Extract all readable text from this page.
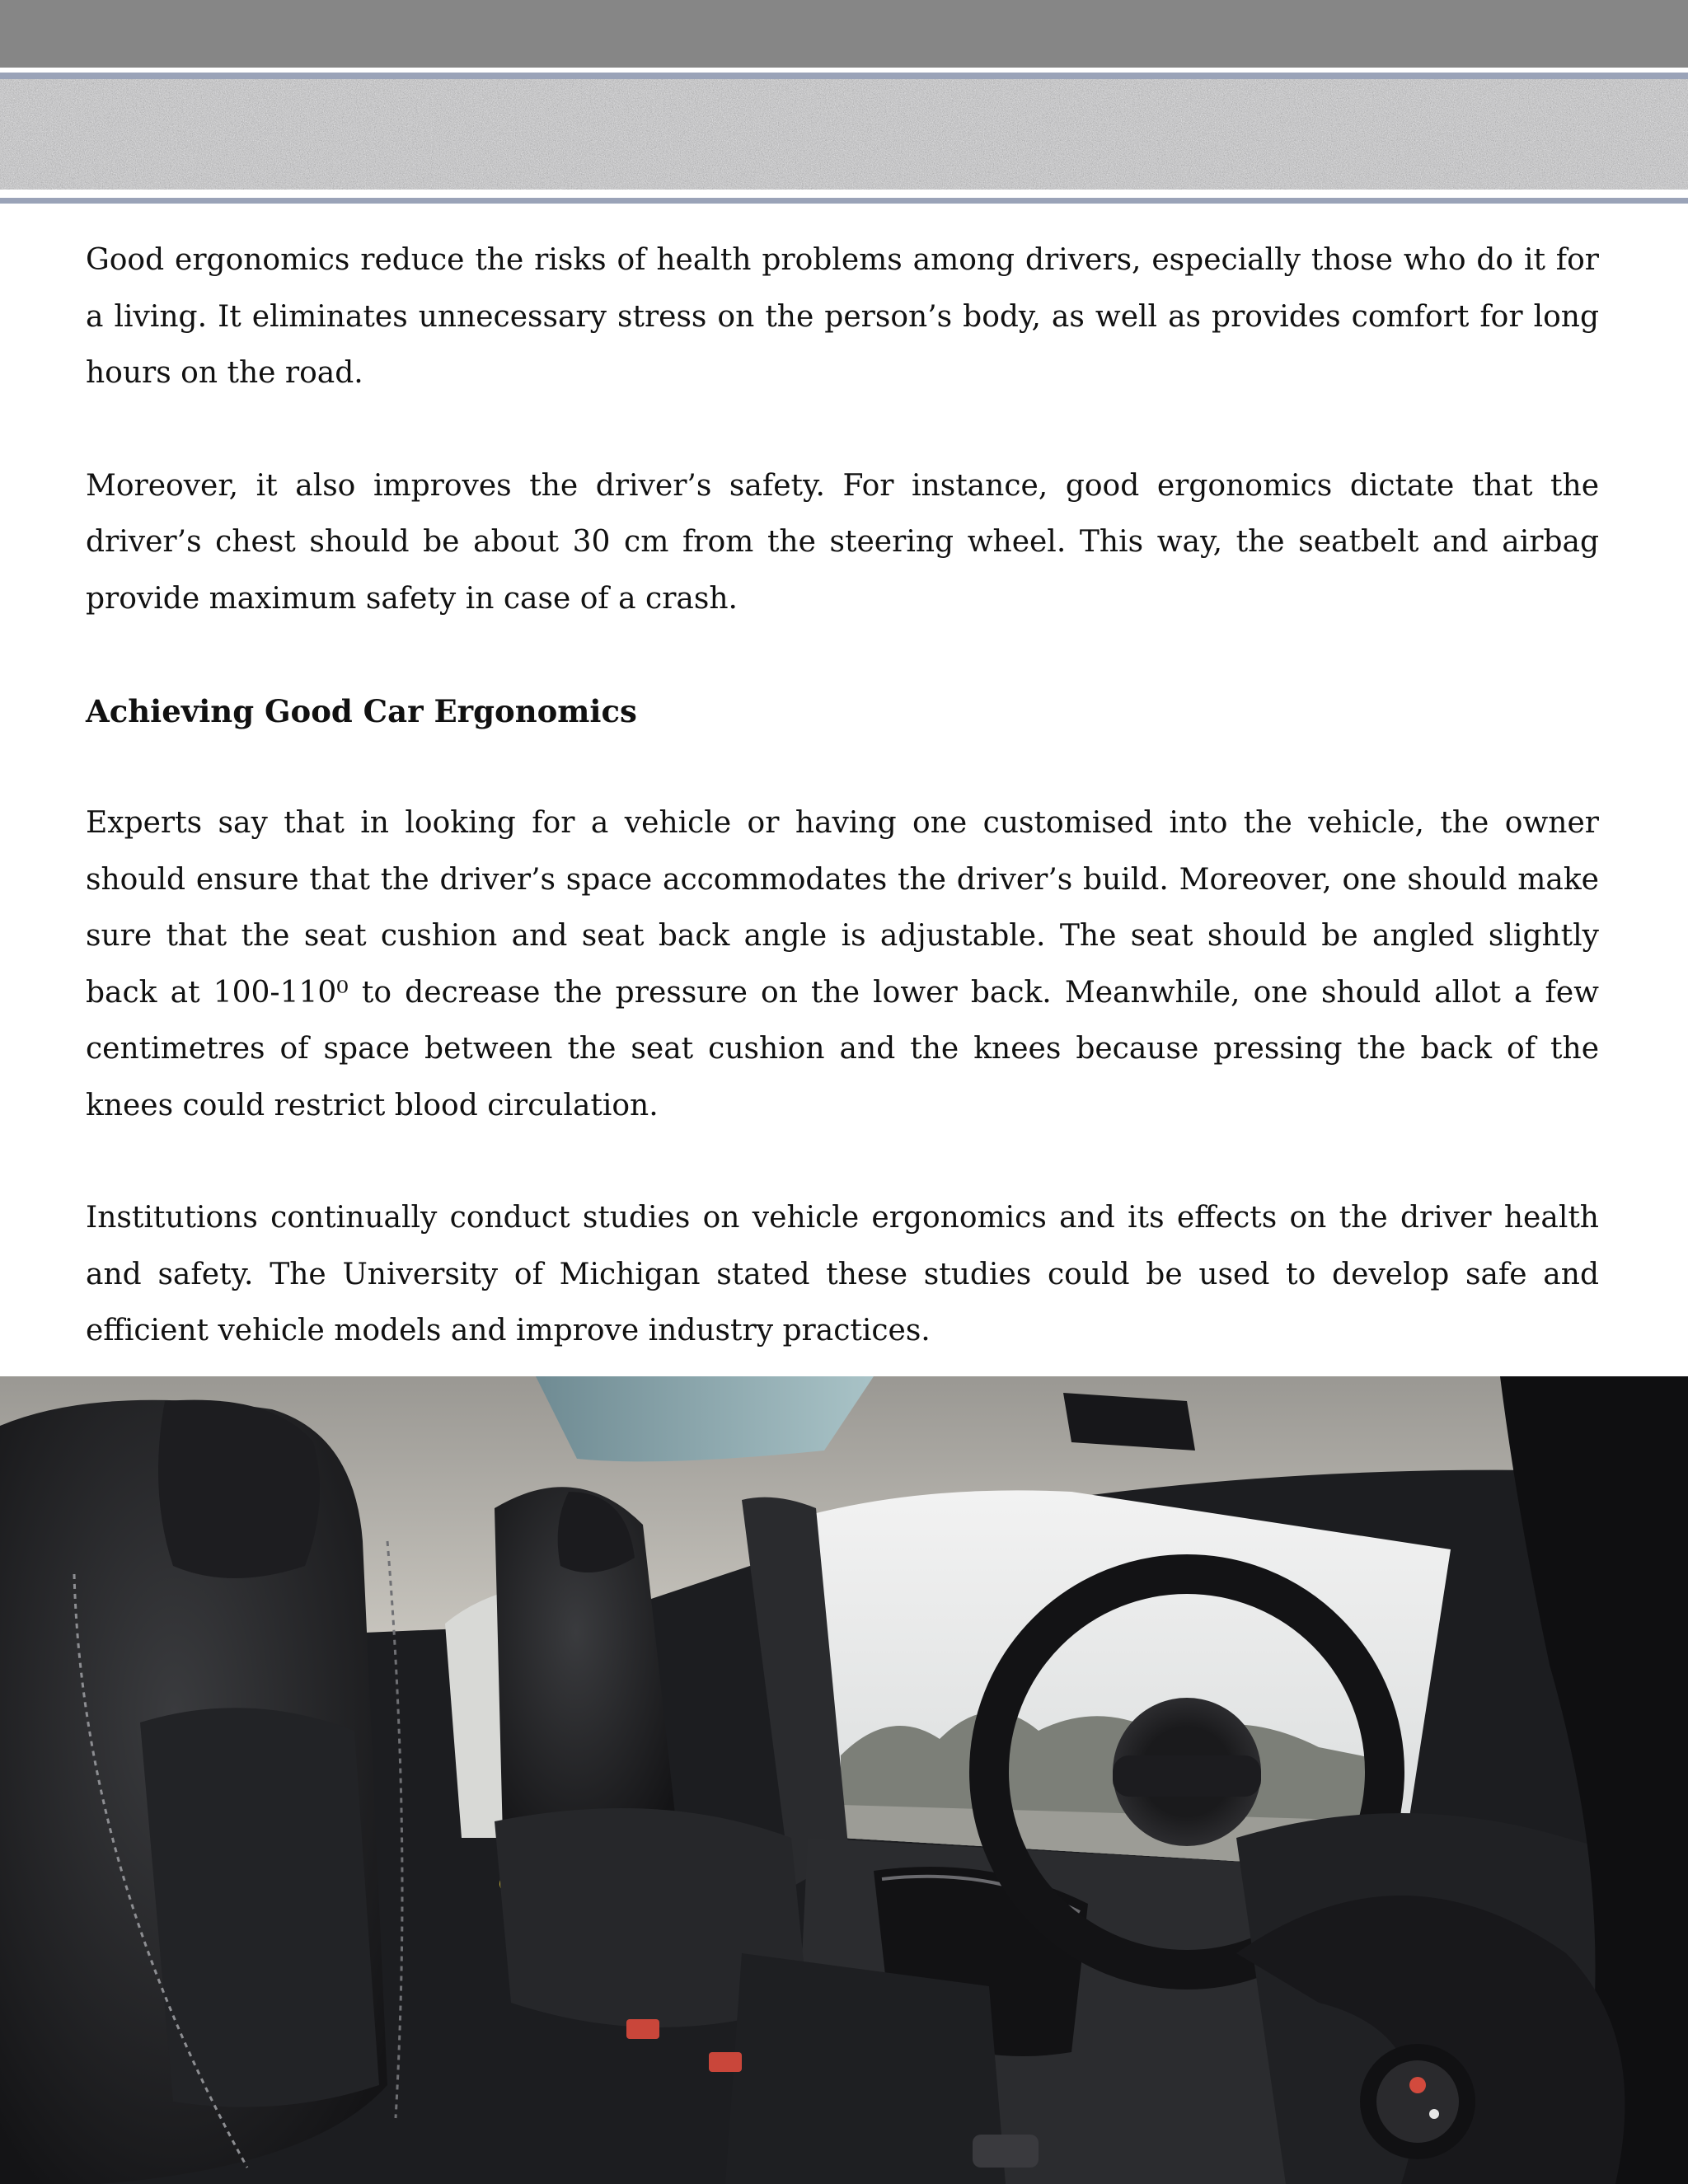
Good ergonomics reduce the risks of health problems among drivers, especially those who do it for a living. It eliminates unnecessary stress on the person’s body, as well as provides comfort for long hours on the road.

Moreover, it also improves the driver’s safety. For instance, good ergonomics dictate that the driver’s chest should be about 30 cm from the steering wheel. This way, the seatbelt and airbag provide maximum safety in case of a crash.

Achieving Good Car Ergonomics

Experts say that in looking for a vehicle or having one customised into the vehicle, the owner should ensure that the driver’s space accommodates the driver’s build. Moreover, one should make sure that the seat cushion and seat back angle is adjustable. The seat should be angled slightly back at 100-110⁰ to decrease the pressure on the lower back. Meanwhile, one should allot a few centimetres of space between the seat cushion and the knees because pressing the back of the knees could restrict blood circulation.

Institutions continually conduct studies on vehicle ergonomics and its effects on the driver health and safety. The University of Michigan stated these studies could be used to develop safe and efficient vehicle models and improve industry practices.
